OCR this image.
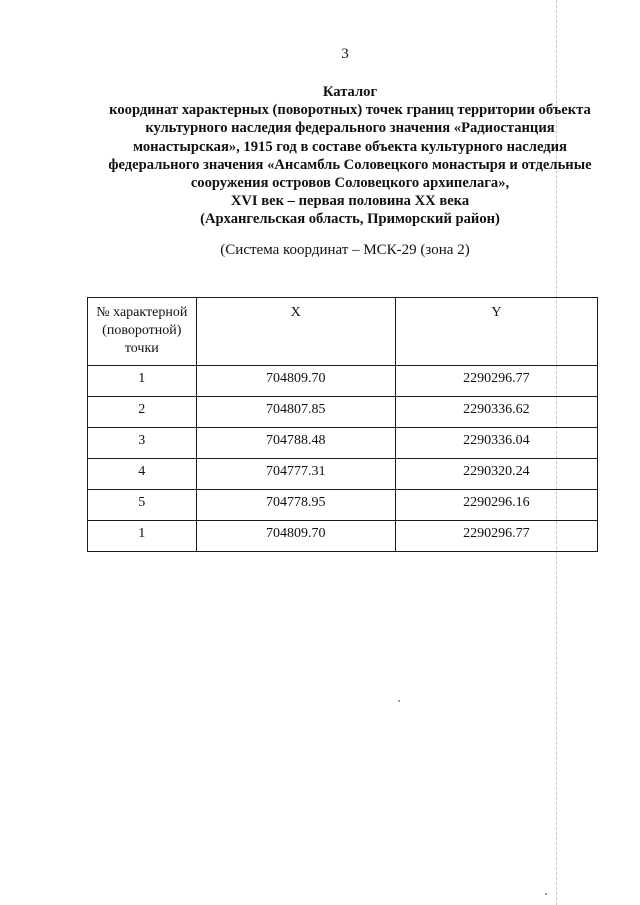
3
Каталог
координат характерных (поворотных) точек границ территории объекта
культурного наследия федерального значения «Радиостанция
монастырская», 1915 год в составе объекта культурного наследия
федерального значения «Ансамбль Соловецкого монастыря и отдельные
сооружения островов Соловецкого архипелага»,
XVI век – первая половина XX века
(Архангельская область, Приморский район)
(Система координат – МСК-29 (зона 2)
№ характерной
(поворотной)
точки	X	Y
1	704809.70	2290296.77
2	704807.85	2290336.62
3	704788.48	2290336.04
4	704777.31	2290320.24
5	704778.95	2290296.16
1	704809.70	2290296.77
